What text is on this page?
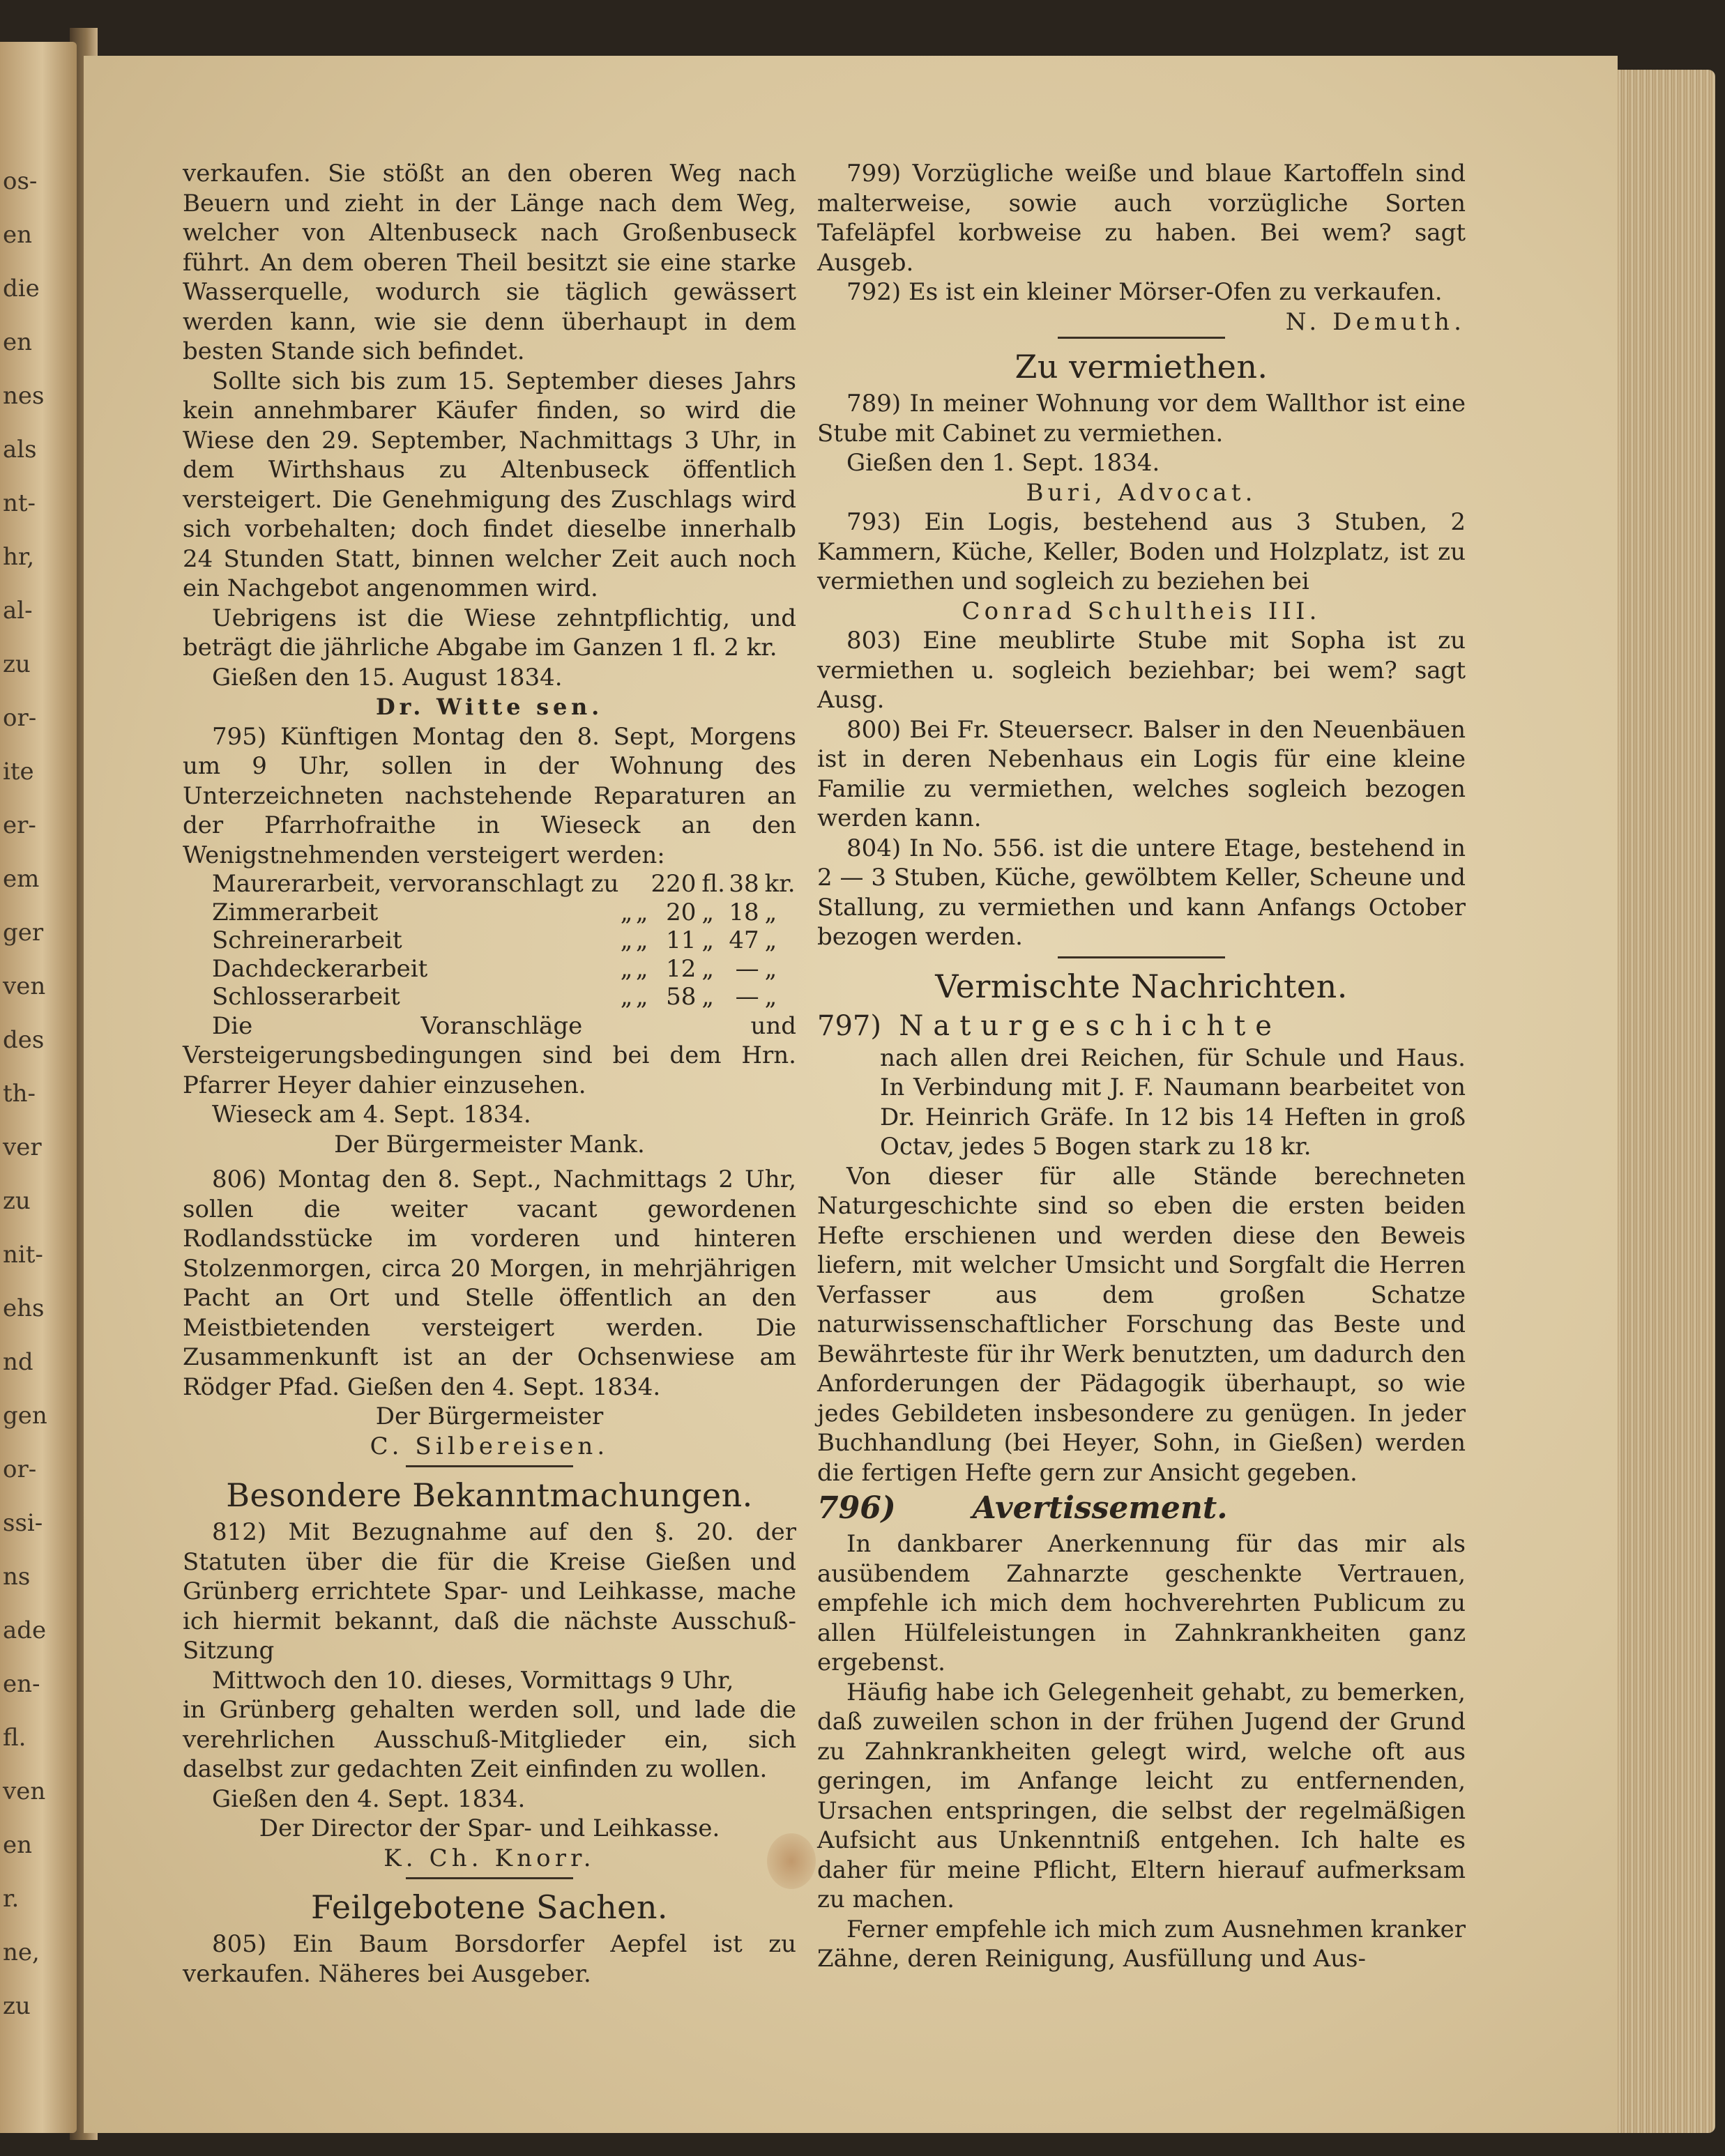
os-
en
die
en
nes
als
nt-
hr,
al-
zu
or-
ite
er-
em
ger
ven
des
th-
ver
zu
nit-
ehs
nd
gen
or-
ssi-
ns
ade
en-
fl.
ven
en
r.
ne,
zu

verkaufen. Sie stößt an den oberen Weg nach Beuern und zieht in der Länge nach dem Weg, welcher von Altenbuseck nach Großenbuseck führt. An dem oberen Theil besitzt sie eine starke Wasserquelle, wodurch sie täglich gewässert werden kann, wie sie denn überhaupt in dem besten Stande sich befindet.

Sollte sich bis zum 15. September dieses Jahrs kein annehmbarer Käufer finden, so wird die Wiese den 29. September, Nachmittags 3 Uhr, in dem Wirthshaus zu Altenbuseck öffentlich versteigert. Die Genehmigung des Zuschlags wird sich vorbehalten; doch findet dieselbe innerhalb 24 Stunden Statt, binnen welcher Zeit auch noch ein Nachgebot angenommen wird.

Uebrigens ist die Wiese zehntpflichtig, und beträgt die jährliche Abgabe im Ganzen 1 fl. 2 kr.

Gießen den 15. August 1834.

Dr. Witte sen.

795) Künftigen Montag den 8. Sept, Morgens um 9 Uhr, sollen in der Wohnung des Unterzeichneten nachstehende Reparaturen an der Pfarrhofraithe in Wieseck an den Wenigstnehmenden versteigert werden:

Maurerarbeit, vervoranschlagt zu			220	fl.	38	kr.
Zimmerarbeit	„	„	20	„	18	„
Schreinerarbeit	„	„	11	„	47	„
Dachdeckerarbeit	„	„	12	„	—	„
Schlosserarbeit	„	„	58	„	—	„

Die Voranschläge und Versteigerungsbedingungen sind bei dem Hrn. Pfarrer Heyer dahier einzusehen.

Wieseck am 4. Sept. 1834.

Der Bürgermeister Mank.

806) Montag den 8. Sept., Nachmittags 2 Uhr, sollen die weiter vacant gewordenen Rodlandsstücke im vorderen und hinteren Stolzenmorgen, circa 20 Morgen, in mehrjährigen Pacht an Ort und Stelle öffentlich an den Meistbietenden versteigert werden. Die Zusammenkunft ist an der Ochsenwiese am Rödger Pfad. Gießen den 4. Sept. 1834.

Der Bürgermeister

C. Silbereisen.

Besondere Bekanntmachungen.

812) Mit Bezugnahme auf den §. 20. der Statuten über die für die Kreise Gießen und Grünberg errichtete Spar- und Leihkasse, mache ich hiermit bekannt, daß die nächste Ausschuß-Sitzung

Mittwoch den 10. dieses, Vormittags 9 Uhr,

in Grünberg gehalten werden soll, und lade die verehrlichen Ausschuß-Mitglieder ein, sich daselbst zur gedachten Zeit einfinden zu wollen.

Gießen den 4. Sept. 1834.

Der Director der Spar- und Leihkasse.

K. Ch. Knorr.

Feilgebotene Sachen.

805) Ein Baum Borsdorfer Aepfel ist zu verkaufen. Näheres bei Ausgeber.

799) Vorzügliche weiße und blaue Kartoffeln sind malterweise, sowie auch vorzügliche Sorten Tafeläpfel korbweise zu haben. Bei wem? sagt Ausgeb.

792) Es ist ein kleiner Mörser-Ofen zu verkaufen.
N. Demuth.

Zu vermiethen.

789) In meiner Wohnung vor dem Wallthor ist eine Stube mit Cabinet zu vermiethen.

Gießen den 1. Sept. 1834.

Buri, Advocat.

793) Ein Logis, bestehend aus 3 Stuben, 2 Kammern, Küche, Keller, Boden und Holzplatz, ist zu vermiethen und sogleich zu beziehen bei

Conrad Schultheis III.

803) Eine meublirte Stube mit Sopha ist zu vermiethen u. sogleich beziehbar; bei wem? sagt Ausg.

800) Bei Fr. Steuersecr. Balser in den Neuenbäuen ist in deren Nebenhaus ein Logis für eine kleine Familie zu vermiethen, welches sogleich bezogen werden kann.

804) In No. 556. ist die untere Etage, bestehend in 2 — 3 Stuben, Küche, gewölbtem Keller, Scheune und Stallung, zu vermiethen und kann Anfangs October bezogen werden.

Vermischte Nachrichten.

797) Naturgeschichte

nach allen drei Reichen, für Schule und Haus. In Verbindung mit J. F. Naumann bearbeitet von Dr. Heinrich Gräfe. In 12 bis 14 Heften in groß Octav, jedes 5 Bogen stark zu 18 kr.

Von dieser für alle Stände berechneten Naturgeschichte sind so eben die ersten beiden Hefte erschienen und werden diese den Beweis liefern, mit welcher Umsicht und Sorgfalt die Herren Verfasser aus dem großen Schatze naturwissenschaftlicher Forschung das Beste und Bewährteste für ihr Werk benutzten, um dadurch den Anforderungen der Pädagogik überhaupt, so wie jedes Gebildeten insbesondere zu genügen. In jeder Buchhandlung (bei Heyer, Sohn, in Gießen) werden die fertigen Hefte gern zur Ansicht gegeben.

796)	Avertissement.

In dankbarer Anerkennung für das mir als ausübendem Zahnarzte geschenkte Vertrauen, empfehle ich mich dem hochverehrten Publicum zu allen Hülfeleistungen in Zahnkrankheiten ganz ergebenst.

Häufig habe ich Gelegenheit gehabt, zu bemerken, daß zuweilen schon in der frühen Jugend der Grund zu Zahnkrankheiten gelegt wird, welche oft aus geringen, im Anfange leicht zu entfernenden, Ursachen entspringen, die selbst der regelmäßigen Aufsicht aus Unkenntniß entgehen. Ich halte es daher für meine Pflicht, Eltern hierauf aufmerksam zu machen.

Ferner empfehle ich mich zum Ausnehmen kranker Zähne, deren Reinigung, Ausfüllung und Aus-
